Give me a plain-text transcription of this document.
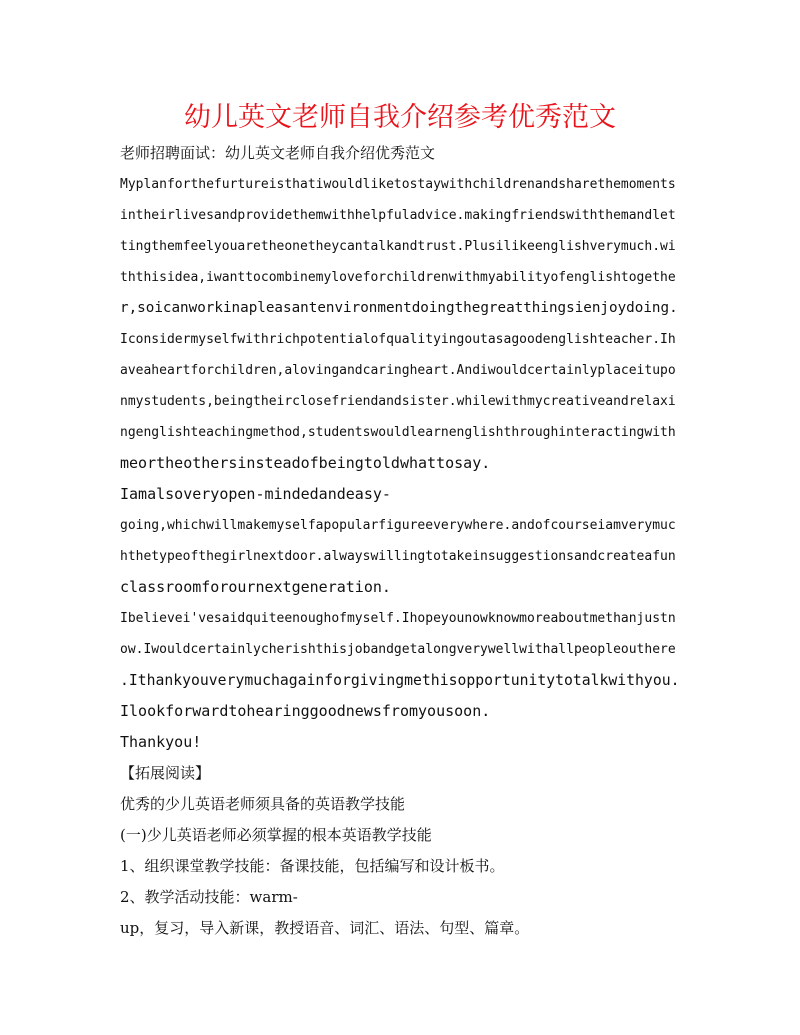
幼儿英文老师自我介绍参考优秀范文
老师招聘面试：幼儿英文老师自我介绍优秀范文
Myplanforthefurtureisthatiwouldliketostaywithchildrenandsharethemoments
intheirlivesandprovidethemwithhelpfuladvice.makingfriendswiththemandlet
tingthemfeelyouaretheonetheycantalkandtrust.Plusilikeenglishverymuch.wi
ththisidea,iwanttocombinemyloveforchildrenwithmyabilityofenglishtogethe
r,soicanworkinapleasantenvironmentdoingthegreatthingsienjoydoing.
Iconsidermyselfwithrichpotentialofqualityingoutasagoodenglishteacher.Ih
aveaheartforchildren,alovingandcaringheart.Andiwouldcertainlyplaceitupo
nmystudents,beingtheirclosefriendandsister.whilewithmycreativeandrelaxi
ngenglishteachingmethod,studentswouldlearnenglishthroughinteractingwith
meortheothersinsteadofbeingtoldwhattosay.
Iamalsoveryopen-mindedandeasy-
going,whichwillmakemyselfapopularfigureeverywhere.andofcourseiamverymuc
hthetypeofthegirlnextdoor.alwayswillingtotakeinsuggestionsandcreateafun
classroomforournextgeneration.
Ibelievei'vesaidquiteenoughofmyself.Ihopeyounowknowmoreaboutmethanjustn
ow.Iwouldcertainlycherishthisjobandgetalongverywellwithallpeopleouthere
.Ithankyouverymuchagainforgivingmethisopportunitytotalkwithyou.
Ilookforwardtohearinggoodnewsfromyousoon.
Thankyou!
【拓展阅读】
优秀的少儿英语老师须具备的英语教学技能
(一)少儿英语老师必须掌握的根本英语教学技能
1、组织课堂教学技能：备课技能，包括编写和设计板书。
2、教学活动技能：warm-
up，复习，导入新课，教授语音、词汇、语法、句型、篇章。
